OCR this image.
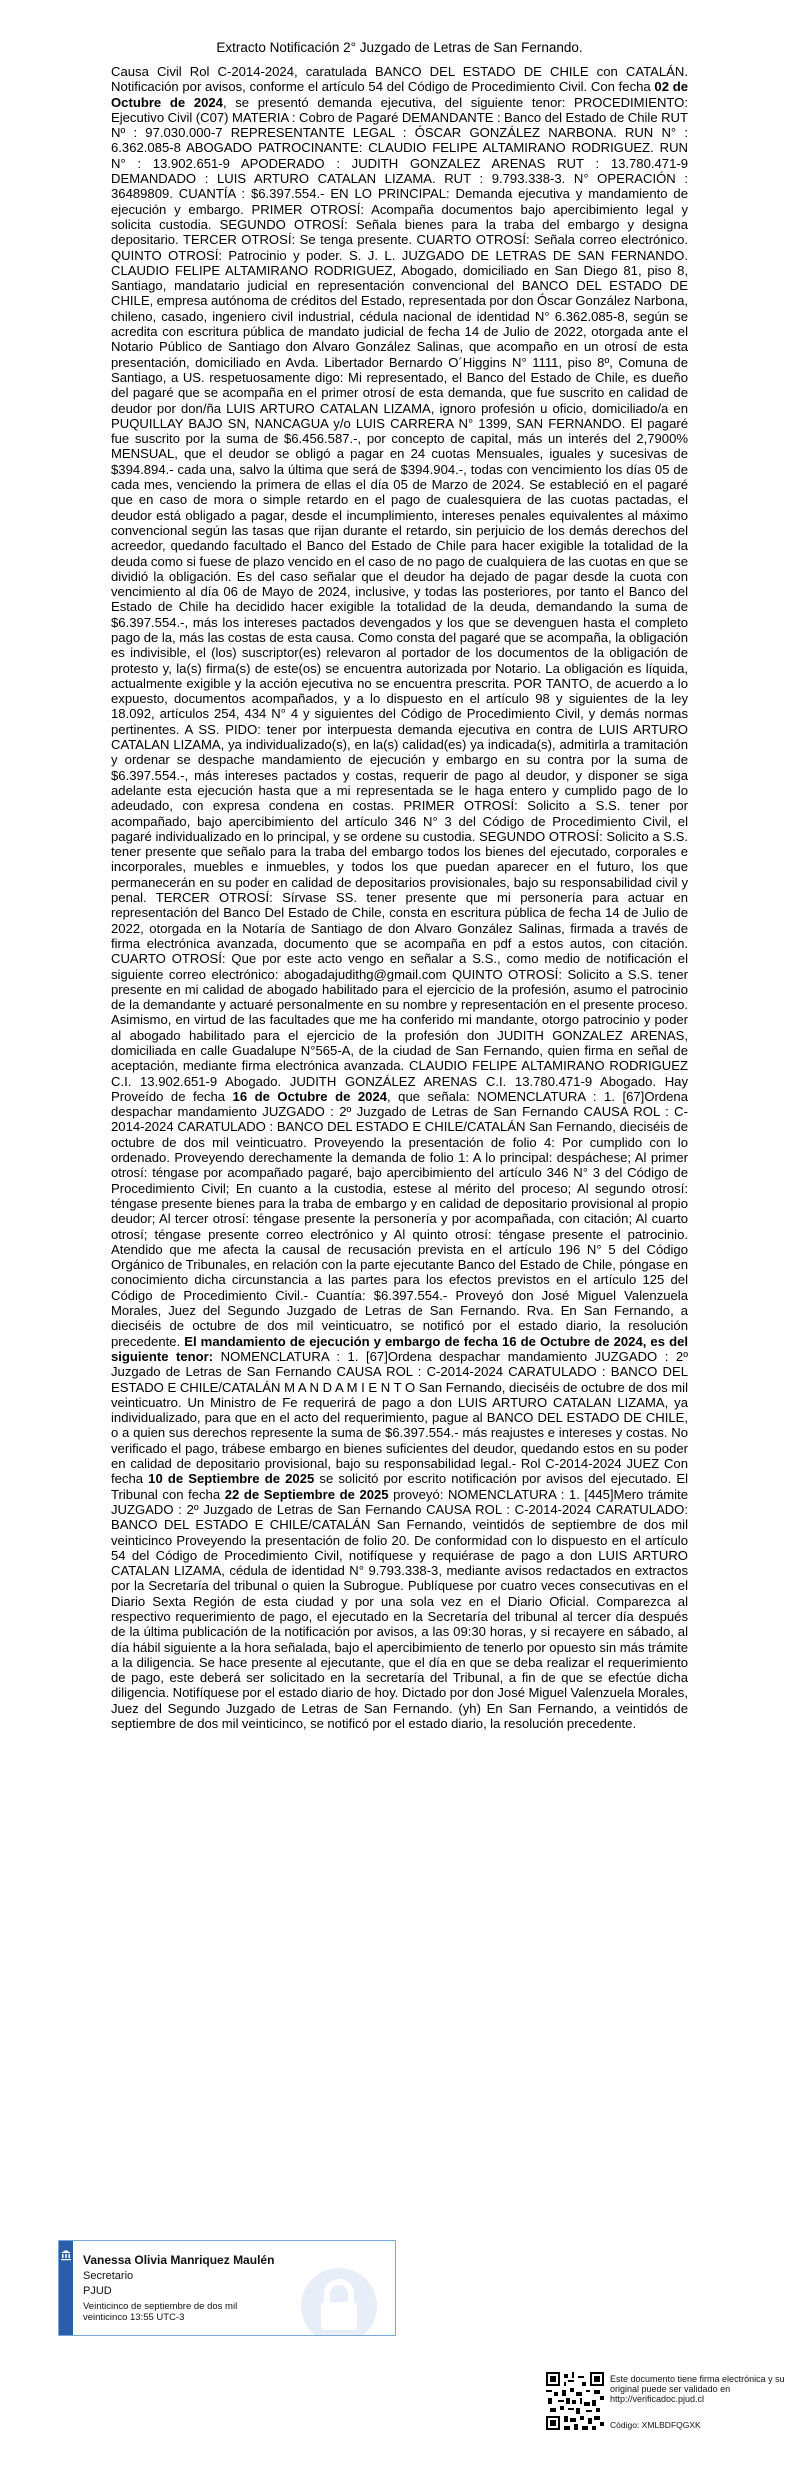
Extracto Notificación 2° Juzgado de Letras de San Fernando.
Causa Civil Rol C-2014-2024, caratulada BANCO DEL ESTADO DE CHILE con CATALÁN. Notificación por avisos, conforme el artículo 54 del Código de Procedimiento Civil. Con fecha 02 de Octubre de 2024, se presentó demanda ejecutiva, del siguiente tenor: PROCEDIMIENTO: Ejecutivo Civil (C07) MATERIA : Cobro de Pagaré DEMANDANTE : Banco del Estado de Chile RUT Nº : 97.030.000-7 REPRESENTANTE LEGAL : ÓSCAR GONZÁLEZ NARBONA. RUN N° : 6.362.085-8 ABOGADO PATROCINANTE: CLAUDIO FELIPE ALTAMIRANO RODRIGUEZ. RUN N° : 13.902.651-9 APODERADO : JUDITH GONZALEZ ARENAS RUT : 13.780.471-9 DEMANDADO : LUIS ARTURO CATALAN LIZAMA. RUT : 9.793.338-3. N° OPERACIÓN : 36489809. CUANTÍA : $6.397.554.- EN LO PRINCIPAL: Demanda ejecutiva y mandamiento de ejecución y embargo. PRIMER OTROSÍ: Acompaña documentos bajo apercibimiento legal y solicita custodia. SEGUNDO OTROSÍ: Señala bienes para la traba del embargo y designa depositario. TERCER OTROSÍ: Se tenga presente. CUARTO OTROSÍ: Señala correo electrónico. QUINTO OTROSÍ: Patrocinio y poder. S. J. L. JUZGADO DE LETRAS DE SAN FERNANDO. CLAUDIO FELIPE ALTAMIRANO RODRIGUEZ, Abogado, domiciliado en San Diego 81, piso 8, Santiago, mandatario judicial en representación convencional del BANCO DEL ESTADO DE CHILE, empresa autónoma de créditos del Estado, representada por don Óscar González Narbona, chileno, casado, ingeniero civil industrial, cédula nacional de identidad N° 6.362.085-8, según se acredita con escritura pública de mandato judicial de fecha 14 de Julio de 2022, otorgada ante el Notario Público de Santiago don Alvaro González Salinas, que acompaño en un otrosí de esta presentación, domiciliado en Avda. Libertador Bernardo O´Higgins N° 1111, piso 8º, Comuna de Santiago, a US. respetuosamente digo: Mi representado, el Banco del Estado de Chile, es dueño del pagaré que se acompaña en el primer otrosí de esta demanda, que fue suscrito en calidad de deudor por don/ña LUIS ARTURO CATALAN LIZAMA, ignoro profesión u oficio, domiciliado/a en PUQUILLAY BAJO SN, NANCAGUA y/o LUIS CARRERA N° 1399, SAN FERNANDO. El pagaré fue suscrito por la suma de $6.456.587.-, por concepto de capital, más un interés del 2,7900% MENSUAL, que el deudor se obligó a pagar en 24 cuotas Mensuales, iguales y sucesivas de $394.894.- cada una, salvo la última que será de $394.904.-, todas con vencimiento los días 05 de cada mes, venciendo la primera de ellas el día 05 de Marzo de 2024. Se estableció en el pagaré que en caso de mora o simple retardo en el pago de cualesquiera de las cuotas pactadas, el deudor está obligado a pagar, desde el incumplimiento, intereses penales equivalentes al máximo convencional según las tasas que rijan durante el retardo, sin perjuicio de los demás derechos del acreedor, quedando facultado el Banco del Estado de Chile para hacer exigible la totalidad de la deuda como si fuese de plazo vencido en el caso de no pago de cualquiera de las cuotas en que se dividió la obligación. Es del caso señalar que el deudor ha dejado de pagar desde la cuota con vencimiento al día 06 de Mayo de 2024, inclusive, y todas las posteriores, por tanto el Banco del Estado de Chile ha decidido hacer exigible la totalidad de la deuda, demandando la suma de $6.397.554.-, más los intereses pactados devengados y los que se devenguen hasta el completo pago de la, más las costas de esta causa. Como consta del pagaré que se acompaña, la obligación es indivisible, el (los) suscriptor(es) relevaron al portador de los documentos de la obligación de protesto y, la(s) firma(s) de este(os) se encuentra autorizada por Notario. La obligación es líquida, actualmente exigible y la acción ejecutiva no se encuentra prescrita. POR TANTO, de acuerdo a lo expuesto, documentos acompañados, y a lo dispuesto en el artículo 98 y siguientes de la ley 18.092, artículos 254, 434 N° 4 y siguientes del Código de Procedimiento Civil, y demás normas pertinentes. A SS. PIDO: tener por interpuesta demanda ejecutiva en contra de LUIS ARTURO CATALAN LIZAMA, ya individualizado(s), en la(s) calidad(es) ya indicada(s), admitirla a tramitación y ordenar se despache mandamiento de ejecución y embargo en su contra por la suma de $6.397.554.-, más intereses pactados y costas, requerir de pago al deudor, y disponer se siga adelante esta ejecución hasta que a mi representada se le haga entero y cumplido pago de lo adeudado, con expresa condena en costas. PRIMER OTROSÍ: Solicito a S.S. tener por acompañado, bajo apercibimiento del artículo 346 N° 3 del Código de Procedimiento Civil, el pagaré individualizado en lo principal, y se ordene su custodia. SEGUNDO OTROSÍ: Solicito a S.S. tener presente que señalo para la traba del embargo todos los bienes del ejecutado, corporales e incorporales, muebles e inmuebles, y todos los que puedan aparecer en el futuro, los que permanecerán en su poder en calidad de depositarios provisionales, bajo su responsabilidad civil y penal. TERCER OTROSÍ: Sírvase SS. tener presente que mi personería para actuar en representación del Banco Del Estado de Chile, consta en escritura pública de fecha 14 de Julio de 2022, otorgada en la Notaría de Santiago de don Alvaro González Salinas, firmada a través de firma electrónica avanzada, documento que se acompaña en pdf a estos autos, con citación. CUARTO OTROSÍ: Que por este acto vengo en señalar a S.S., como medio de notificación el siguiente correo electrónico: abogadajudithg@gmail.com QUINTO OTROSÍ: Solicito a S.S. tener presente en mi calidad de abogado habilitado para el ejercicio de la profesión, asumo el patrocinio de la demandante y actuaré personalmente en su nombre y representación en el presente proceso. Asimismo, en virtud de las facultades que me ha conferido mi mandante, otorgo patrocinio y poder al abogado habilitado para el ejercicio de la profesión don JUDITH GONZALEZ ARENAS, domiciliada en calle Guadalupe N°565-A, de la ciudad de San Fernando, quien firma en señal de aceptación, mediante firma electrónica avanzada. CLAUDIO FELIPE ALTAMIRANO RODRIGUEZ C.I. 13.902.651-9 Abogado. JUDITH GONZÁLEZ ARENAS C.I. 13.780.471-9 Abogado. Hay Proveído de fecha 16 de Octubre de 2024, que señala: NOMENCLATURA : 1. [67]Ordena despachar mandamiento JUZGADO : 2º Juzgado de Letras de San Fernando CAUSA ROL : C-2014-2024 CARATULADO : BANCO DEL ESTADO E CHILE/CATALÁN San Fernando, dieciséis de octubre de dos mil veinticuatro. Proveyendo la presentación de folio 4: Por cumplido con lo ordenado. Proveyendo derechamente la demanda de folio 1: A lo principal: despáchese; Al primer otrosí: téngase por acompañado pagaré, bajo apercibimiento del artículo 346 N° 3 del Código de Procedimiento Civil; En cuanto a la custodia, estese al mérito del proceso; Al segundo otrosí: téngase presente bienes para la traba de embargo y en calidad de depositario provisional al propio deudor; Al tercer otrosí: téngase presente la personería y por acompañada, con citación; Al cuarto otrosí; téngase presente correo electrónico y Al quinto otrosí: téngase presente el patrocinio. Atendido que me afecta la causal de recusación prevista en el artículo 196 N° 5 del Código Orgánico de Tribunales, en relación con la parte ejecutante Banco del Estado de Chile, póngase en conocimiento dicha circunstancia a las partes para los efectos previstos en el artículo 125 del Código de Procedimiento Civil.- Cuantía: $6.397.554.- Proveyó don José Miguel Valenzuela Morales, Juez del Segundo Juzgado de Letras de San Fernando. Rva. En San Fernando, a dieciséis de octubre de dos mil veinticuatro, se notificó por el estado diario, la resolución precedente. El mandamiento de ejecución y embargo de fecha 16 de Octubre de 2024, es del siguiente tenor: NOMENCLATURA : 1. [67]Ordena despachar mandamiento JUZGADO : 2º Juzgado de Letras de San Fernando CAUSA ROL : C-2014-2024 CARATULADO : BANCO DEL ESTADO E CHILE/CATALÁN M A N D A M I E N T O San Fernando, dieciséis de octubre de dos mil veinticuatro. Un Ministro de Fe requerirá de pago a don LUIS ARTURO CATALAN LIZAMA, ya individualizado, para que en el acto del requerimiento, pague al BANCO DEL ESTADO DE CHILE, o a quien sus derechos represente la suma de $6.397.554.- más reajustes e intereses y costas. No verificado el pago, trábese embargo en bienes suficientes del deudor, quedando estos en su poder en calidad de depositario provisional, bajo su responsabilidad legal.- Rol C-2014-2024 JUEZ Con fecha 10 de Septiembre de 2025 se solicitó por escrito notificación por avisos del ejecutado. El Tribunal con fecha 22 de Septiembre de 2025 proveyó: NOMENCLATURA : 1. [445]Mero trámite JUZGADO : 2º Juzgado de Letras de San Fernando CAUSA ROL : C-2014-2024 CARATULADO: BANCO DEL ESTADO E CHILE/CATALÁN San Fernando, veintidós de septiembre de dos mil veinticinco Proveyendo la presentación de folio 20. De conformidad con lo dispuesto en el artículo 54 del Código de Procedimiento Civil, notifíquese y requiérase de pago a don LUIS ARTURO CATALAN LIZAMA, cédula de identidad N° 9.793.338-3, mediante avisos redactados en extractos por la Secretaría del tribunal o quien la Subrogue. Publíquese por cuatro veces consecutivas en el Diario Sexta Región de esta ciudad y por una sola vez en el Diario Oficial. Comparezca al respectivo requerimiento de pago, el ejecutado en la Secretaría del tribunal al tercer día después de la última publicación de la notificación por avisos, a las 09:30 horas, y si recayere en sábado, al día hábil siguiente a la hora señalada, bajo el apercibimiento de tenerlo por opuesto sin más trámite a la diligencia. Se hace presente al ejecutante, que el día en que se deba realizar el requerimiento de pago, este deberá ser solicitado en la secretaría del Tribunal, a fin de que se efectúe dicha diligencia. Notifíquese por el estado diario de hoy. Dictado por don José Miguel Valenzuela Morales, Juez del Segundo Juzgado de Letras de San Fernando. (yh) En San Fernando, a veintidós de septiembre de dos mil veinticinco, se notificó por el estado diario, la resolución precedente.
Vanessa Olivia Manriquez Maulén
Secretario
PJUD
Veinticinco de septiembre de dos mil veinticinco 13:55 UTC-3
Este documento tiene firma electrónica y su original puede ser validado en http://verificadoc.pjud.cl
Código: XMLBDFQGXK
